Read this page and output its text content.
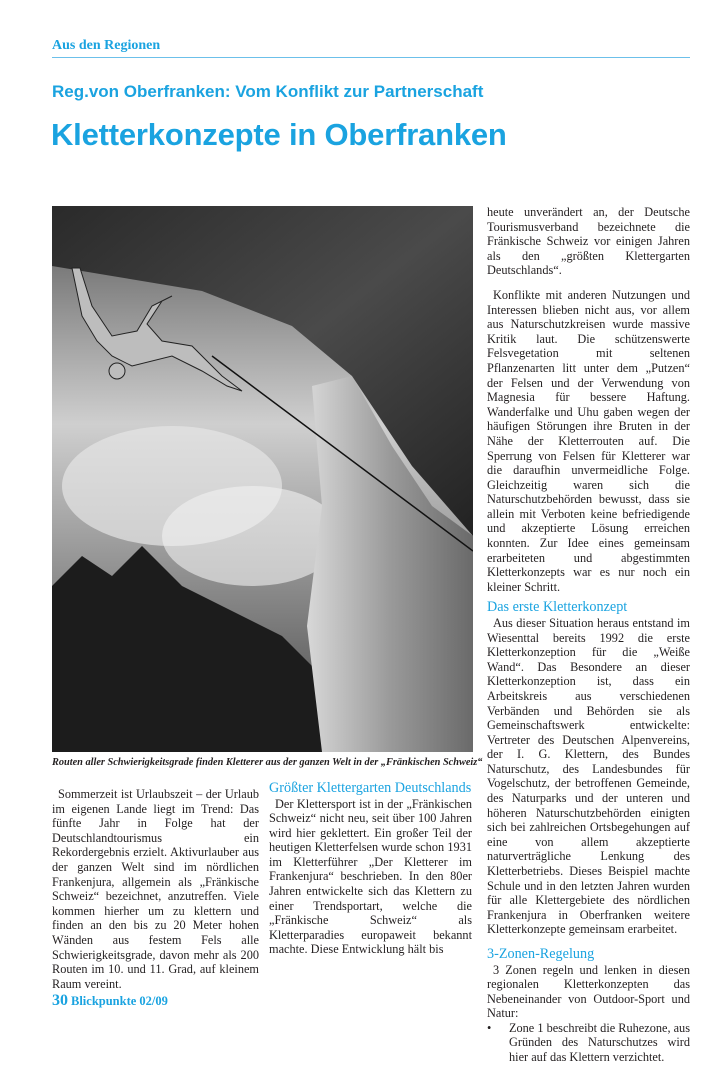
Aus den Regionen
Reg.von Oberfranken: Vom Konflikt zur Partnerschaft
Kletterkonzepte in Oberfranken
Routen aller Schwierigkeitsgrade finden Kletterer aus der ganzen Welt in der „Fränkischen Schweiz“

Sommerzeit ist Urlaubszeit – der Urlaub im eigenen Lande liegt im Trend: Das fünfte Jahr in Folge hat der Deutschlandtourismus ein Rekordergebnis erzielt. Aktivurlauber aus der ganzen Welt sind im nördlichen Frankenjura, allgemein als „Fränkische Schweiz“ bezeichnet, anzutreffen. Viele kommen hierher um zu klettern und finden an den bis zu 20 Meter hohen Wänden aus festem Fels alle Schwierigkeitsgrade, davon mehr als 200 Routen im 10. und 11. Grad, auf kleinem Raum vereint.

Größter Klettergarten Deutschlands

Der Klettersport ist in der „Fränkischen Schweiz“ nicht neu, seit über 100 Jahren wird hier geklettert. Ein großer Teil der heutigen Kletterfelsen wurde schon 1931 im Kletterführer „Der Kletterer im Frankenjura“ beschrieben. In den 80er Jahren entwickelte sich das Klettern zu einer Trendsportart, welche die „Fränkische Schweiz“ als Kletterparadies europaweit bekannt machte. Diese Entwicklung hält bis

heute unverändert an, der Deutsche Tourismusverband bezeichnete die Fränkische Schweiz vor einigen Jahren als den „größten Klettergarten Deutschlands“.

Konflikte mit anderen Nutzungen und Interessen blieben nicht aus, vor allem aus Naturschutzkreisen wurde massive Kritik laut. Die schützenswerte Felsvegetation mit seltenen Pflanzenarten litt unter dem „Putzen“ der Felsen und der Verwendung von Magnesia für bessere Haftung. Wanderfalke und Uhu gaben wegen der häufigen Störungen ihre Bruten in der Nähe der Kletterrouten auf. Die Sperrung von Felsen für Kletterer war die daraufhin unvermeidliche Folge. Gleichzeitig waren sich die Naturschutzbehörden bewusst, dass sie allein mit Verboten keine befriedigende und akzeptierte Lösung erreichen konnten. Zur Idee eines gemeinsam erarbeiteten und abgestimmten Kletterkonzepts war es nur noch ein kleiner Schritt.

Das erste Kletterkonzept

Aus dieser Situation heraus entstand im Wiesenttal bereits 1992 die erste Kletterkonzeption für die „Weiße Wand“. Das Besondere an dieser Kletterkonzeption ist, dass ein Arbeitskreis aus verschiedenen Verbänden und Behörden sie als Gemeinschaftswerk entwickelte: Vertreter des Deutschen Alpenvereins, der I. G. Klettern, des Bundes Naturschutz, des Landesbundes für Vogelschutz, der betroffenen Gemeinde, des Naturparks und der unteren und höheren Naturschutzbehörden einigten sich bei zahlreichen Ortsbegehungen auf eine von allem akzeptierte naturverträgliche Lenkung des Kletterbetriebs. Dieses Beispiel machte Schule und in den letzten Jahren wurden für alle Klettergebiete des nördlichen Frankenjura in Oberfranken weitere Kletterkonzepte gemeinsam erarbeitet.

3-Zonen-Regelung

3 Zonen regeln und lenken in diesen regionalen Kletterkonzepten das Nebeneinander von Outdoor-Sport und Natur:

• Zone 1 beschreibt die Ruhezone, aus Gründen des Naturschutzes wird hier auf das Klettern verzichtet.
30 Blickpunkte 02/09
